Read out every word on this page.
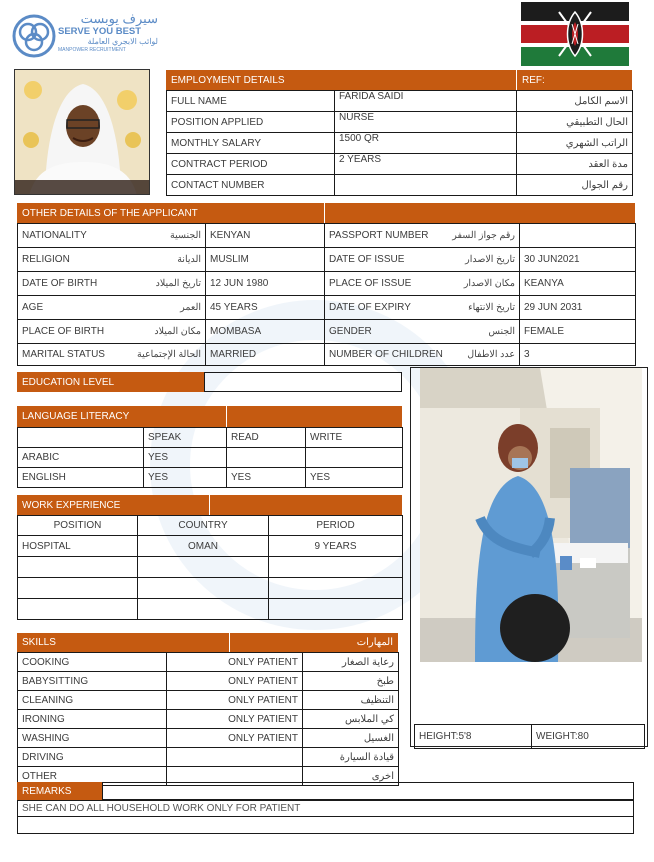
سيرف يوبست
SERVE YOU BEST
لوائب الابجري العاملة
MANPOWER RECRUITMENT
EMPLOYMENT DETAILS	REF:
FULL NAME	FARIDA SAIDI	الاسم الكامل
POSITION APPLIED	NURSE	الحال التطبيقي
MONTHLY SALARY	1500 QR	الراتب الشهري
CONTRACT PERIOD	2 YEARS	مدة العقد
CONTACT NUMBER		رقم الجوال
OTHER DETAILS OF THE APPLICANT
NATIONALITY الجنسية	KENYAN	PASSPORT NUMBER رقم جواز السفر	

RELIGION الديانة	MUSLIM	DATE OF ISSUE تاريخ الاصدار	30 JUN2021

DATE OF BIRTH تاريخ الميلاد	12 JUN 1980	PLACE OF ISSUE مكان الاصدار	KEANYA

AGE العمر	45 YEARS	DATE OF EXPIRY تاريخ الانتهاء	29 JUN 2031

PLACE OF BIRTH مكان الميلاد	MOMBASA	GENDER الجنس	FEMALE

MARITAL STATUS الحالة الإجتماعية	MARRIED	NUMBER OF CHILDREN عدد الاطفال	3
EDUCATION LEVEL
LANGUAGE LITERACY
	SPEAK	READ	WRITE
ARABIC	YES		
ENGLISH	YES	YES	YES
WORK EXPERIENCE
POSITION	COUNTRY	PERIOD
HOSPITAL	OMAN	9 YEARS

SKILLS	المهارات
COOKING	ONLY PATIENT	رعاية الصغار
BABYSITTING	ONLY PATIENT	طبخ
CLEANING	ONLY PATIENT	التنظيف
IRONING	ONLY PATIENT	كي الملابس
WASHING	ONLY PATIENT	الغسيل
DRIVING		قيادة السيارة
OTHER		اخرى
HEIGHT:5'8	WEIGHT:80
REMARKS
SHE CAN DO ALL HOUSEHOLD WORK ONLY FOR PATIENT
